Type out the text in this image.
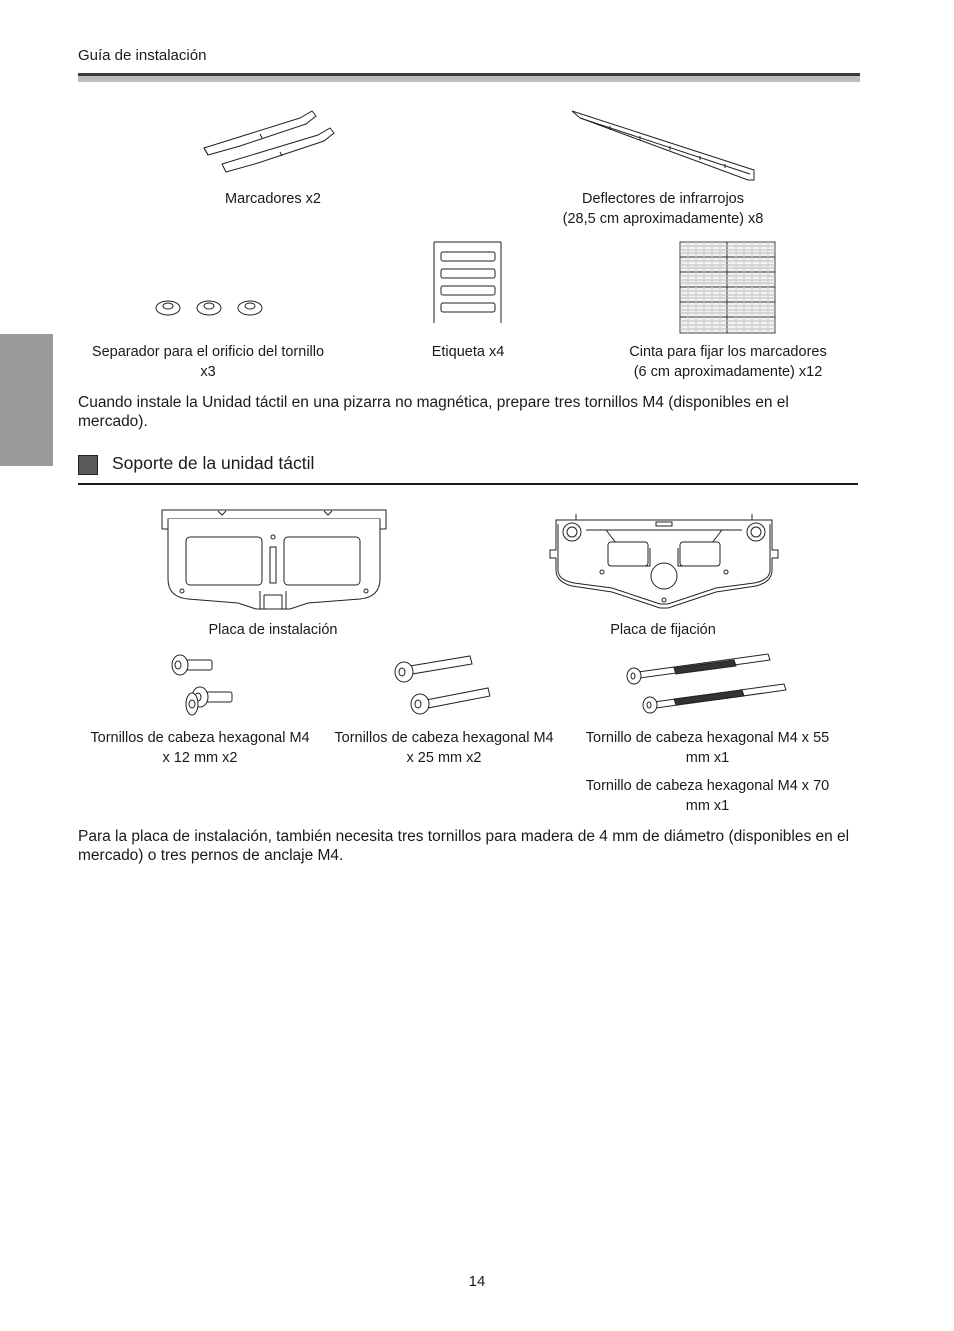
Guía de instalación
Marcadores x2	Deflectores de infrarrojos
(28,5 cm aproximadamente) x8
Separador para el orificio del tornillo
x3
Etiqueta x4	Cinta para fijar los marcadores
(6 cm aproximadamente) x12
Cuando instale la Unidad táctil en una pizarra no magnética, prepare tres tornillos M4 (disponibles en el mercado).
Soporte de la unidad táctil
Placa de instalación	Placa de fijación
Tornillos de cabeza hexagonal M4
x 12 mm x2
Tornillos de cabeza hexagonal M4
x 25 mm x2
Tornillo de cabeza hexagonal M4 x 55
mm x1
Tornillo de cabeza hexagonal M4 x 70
mm x1
Para la placa de instalación, también necesita tres tornillos para madera de 4 mm de diámetro (disponibles en el mercado) o tres pernos de anclaje M4.
14
